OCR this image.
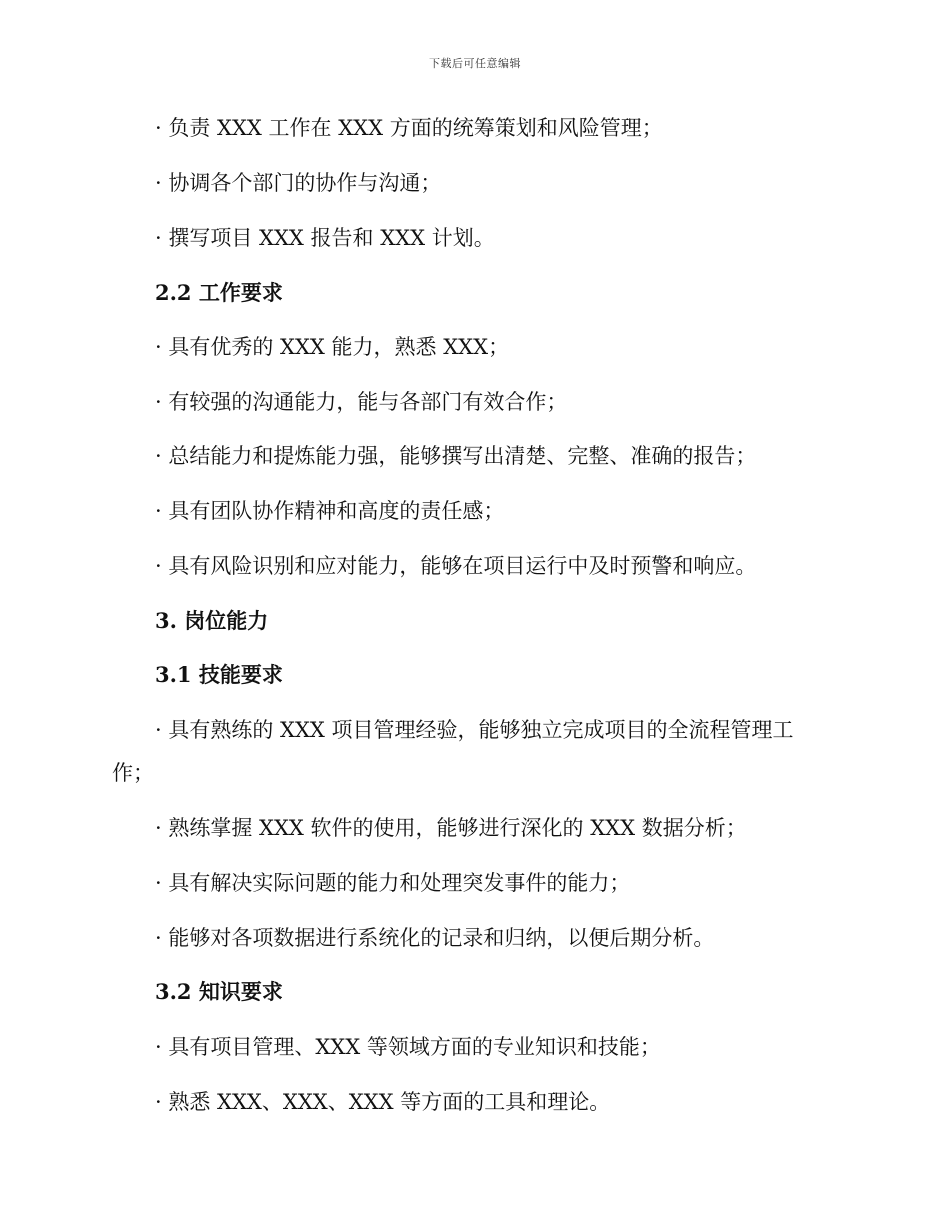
下载后可任意编辑
· 负责 XXX 工作在 XXX 方面的统筹策划和风险管理；
· 协调各个部门的协作与沟通；
· 撰写项目 XXX 报告和 XXX 计划。
2.2 工作要求
· 具有优秀的 XXX 能力，熟悉 XXX；
· 有较强的沟通能力，能与各部门有效合作；
· 总结能力和提炼能力强，能够撰写出清楚、完整、准确的报告；
· 具有团队协作精神和高度的责任感；
· 具有风险识别和应对能力，能够在项目运行中及时预警和响应。
3. 岗位能力
3.1 技能要求
· 具有熟练的 XXX 项目管理经验，能够独立完成项目的全流程管理工
作；
· 熟练掌握 XXX 软件的使用，能够进行深化的 XXX 数据分析；
· 具有解决实际问题的能力和处理突发事件的能力；
· 能够对各项数据进行系统化的记录和归纳，以便后期分析。
3.2 知识要求
· 具有项目管理、XXX 等领域方面的专业知识和技能；
· 熟悉 XXX、XXX、XXX 等方面的工具和理论。
